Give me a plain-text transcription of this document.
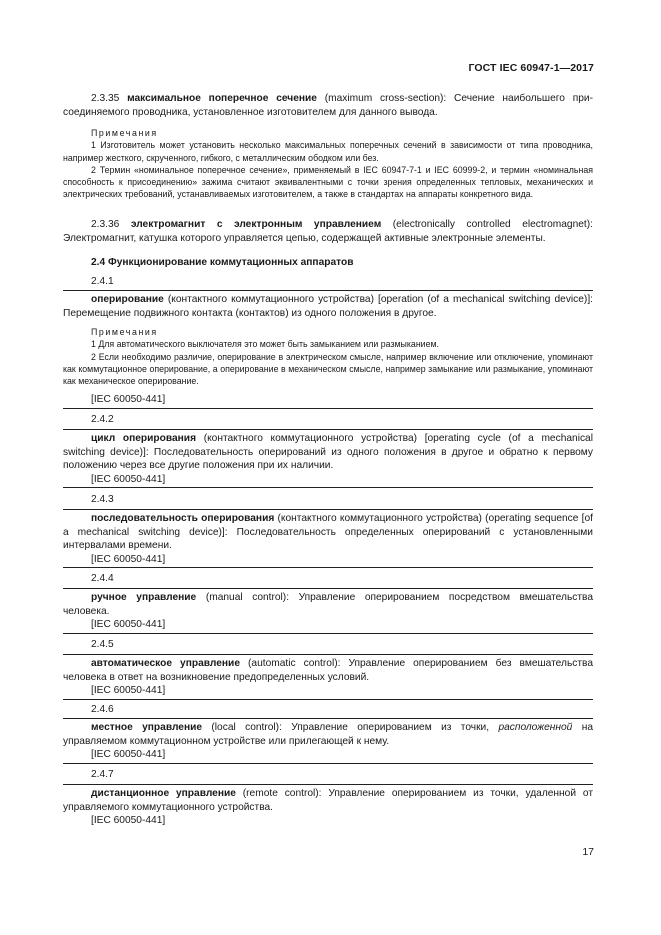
ГОСТ IEC 60947-1—2017

2.3.35 максимальное поперечное сечение (maximum cross-section): Сечение наибольшего присоединяемого проводника, установленное изготовителем для данного вывода.

Примечания

1 Изготовитель может установить несколько максимальных поперечных сечений в зависимости от типа проводника, например жесткого, скрученного, гибкого, с металлическим ободком или без.

2 Термин «номинальное поперечное сечение», применяемый в IEC 60947-7-1 и IEC 60999-2, и термин «номинальная способность к присоединению» зажима считают эквивалентными с точки зрения определенных тепловых, механических и электрических требований, устанавливаемых изготовителем, а также в стандартах на аппараты конкретного вида.

2.3.36 электромагнит с электронным управлением (electronically controlled electromagnet): Электромагнит, катушка которого управляется цепью, содержащей активные электронные элементы.

2.4 Функционирование коммутационных аппаратов

2.4.1

оперирование (контактного коммутационного устройства) [operation (of a mechanical switching device)]: Перемещение подвижного контакта (контактов) из одного положения в другое.

Примечания

1 Для автоматического выключателя это может быть замыканием или размыканием.

2 Если необходимо различие, оперирование в электрическом смысле, например включение или отключение, упоминают как коммутационное оперирование, а оперирование в механическом смысле, например замыкание или размыкание, упоминают как механическое оперирование.

[IEC 60050-441]

2.4.2

цикл оперирования (контактного коммутационного устройства) [operating cycle (of a mechanical switching device)]: Последовательность оперирований из одного положения в другое и обратно к первому положению через все другие положения при их наличии.

[IEC 60050-441]

2.4.3

последовательность оперирования (контактного коммутационного устройства) (operating sequence [of a mechanical switching device)]: Последовательность определенных оперирований с установленными интервалами времени.

[IEC 60050-441]

2.4.4

ручное управление (manual control): Управление оперированием посредством вмешательства человека.

[IEC 60050-441]

2.4.5

автоматическое управление (automatic control): Управление оперированием без вмешательства человека в ответ на возникновение предопределенных условий.

[IEC 60050-441]

2.4.6

местное управление (local control): Управление оперированием из точки, расположенной на управляемом коммутационном устройстве или прилегающей к нему.

[IEC 60050-441]

2.4.7

дистанционное управление (remote control): Управление оперированием из точки, удаленной от управляемого коммутационного устройства.

[IEC 60050-441]

17
